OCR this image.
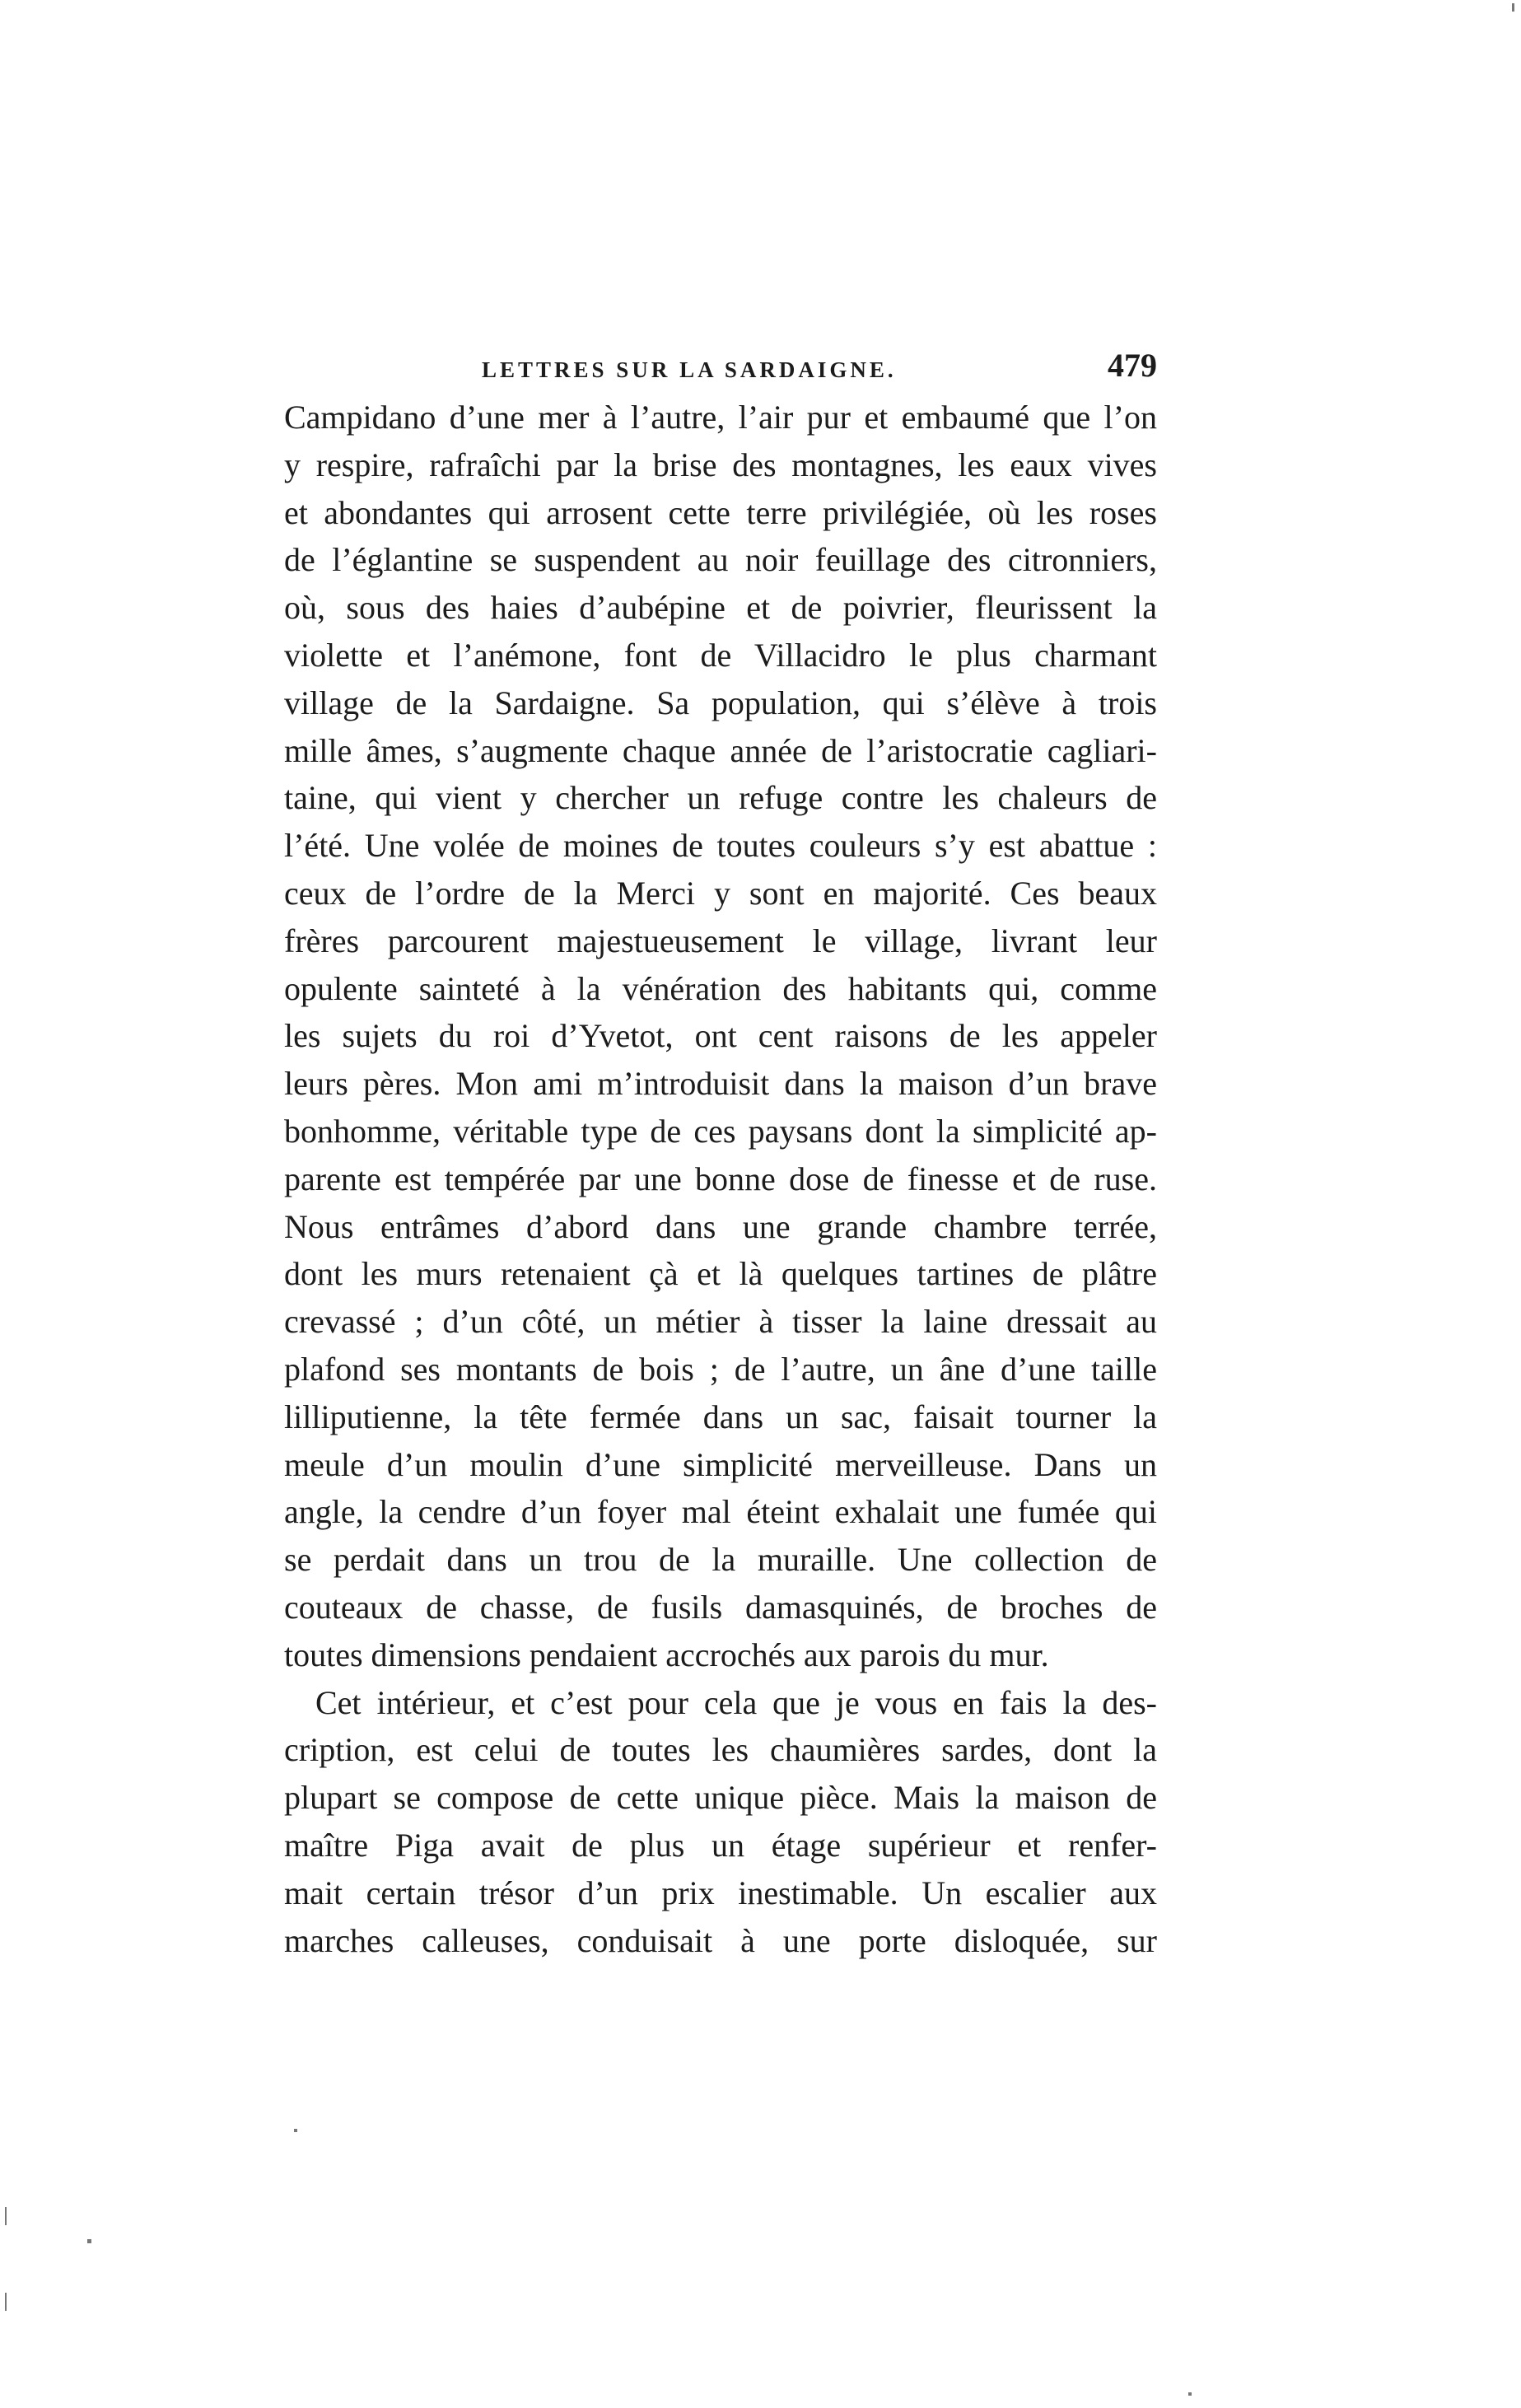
LETTRES SUR LA SARDAIGNE.	479
Campidano d’une mer à l’autre, l’air pur et embaumé que l’on
y respire, rafraîchi par la brise des montagnes, les eaux vives
et abondantes qui arrosent cette terre privilégiée, où les roses
de l’églantine se suspendent au noir feuillage des citronniers,
où, sous des haies d’aubépine et de poivrier, fleurissent la
violette et l’anémone, font de Villacidro le plus charmant
village de la Sardaigne. Sa population, qui s’élève à trois
mille âmes, s’augmente chaque année de l’aristocratie cagliari-
taine, qui vient y chercher un refuge contre les chaleurs de
l’été. Une volée de moines de toutes couleurs s’y est abattue :
ceux de l’ordre de la Merci y sont en majorité. Ces beaux
frères parcourent majestueusement le village, livrant leur
opulente sainteté à la vénération des habitants qui, comme
les sujets du roi d’Yvetot, ont cent raisons de les appeler
leurs pères. Mon ami m’introduisit dans la maison d’un brave
bonhomme, véritable type de ces paysans dont la simplicité ap-
parente est tempérée par une bonne dose de finesse et de ruse.
Nous entrâmes d’abord dans une grande chambre terrée,
dont les murs retenaient çà et là quelques tartines de plâtre
crevassé ; d’un côté, un métier à tisser la laine dressait au
plafond ses montants de bois ; de l’autre, un âne d’une taille
lilliputienne, la tête fermée dans un sac, faisait tourner la
meule d’un moulin d’une simplicité merveilleuse. Dans un
angle, la cendre d’un foyer mal éteint exhalait une fumée qui
se perdait dans un trou de la muraille. Une collection de
couteaux de chasse, de fusils damasquinés, de broches de
toutes dimensions pendaient accrochés aux parois du mur.
Cet intérieur, et c’est pour cela que je vous en fais la des-
cription, est celui de toutes les chaumières sardes, dont la
plupart se compose de cette unique pièce. Mais la maison de
maître Piga avait de plus un étage supérieur et renfer-
mait certain trésor d’un prix inestimable. Un escalier aux
marches calleuses, conduisait à une porte disloquée, sur
